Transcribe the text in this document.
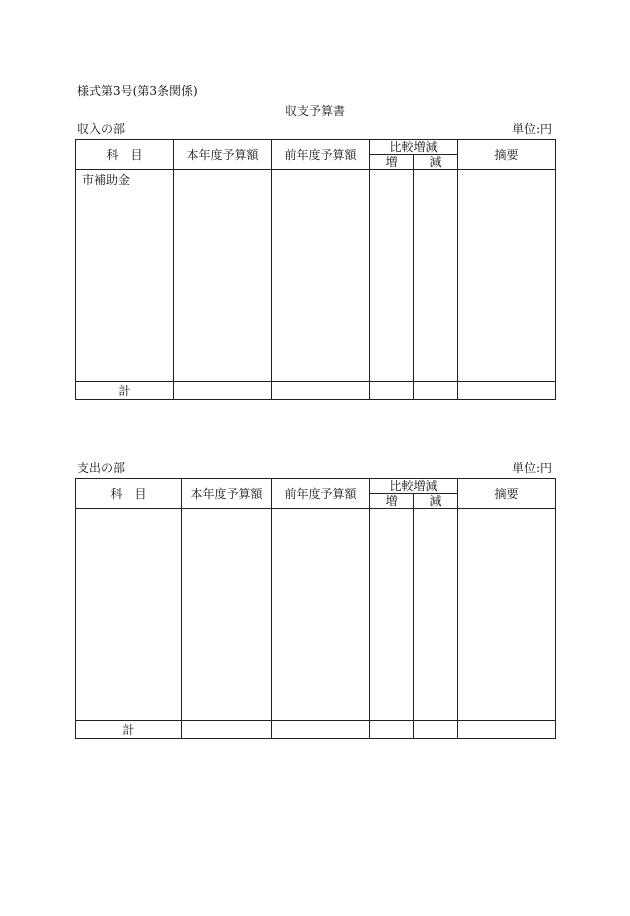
様式第3号(第3条関係)
収支予算書
収入の部	単位:円
科　目	本年度予算額	前年度予算額	比較増減		摘要
			増	減	
市補助金					
計					
支出の部	単位:円
科　目	本年度予算額	前年度予算額	比較増減		摘要
			増	減	

計					
